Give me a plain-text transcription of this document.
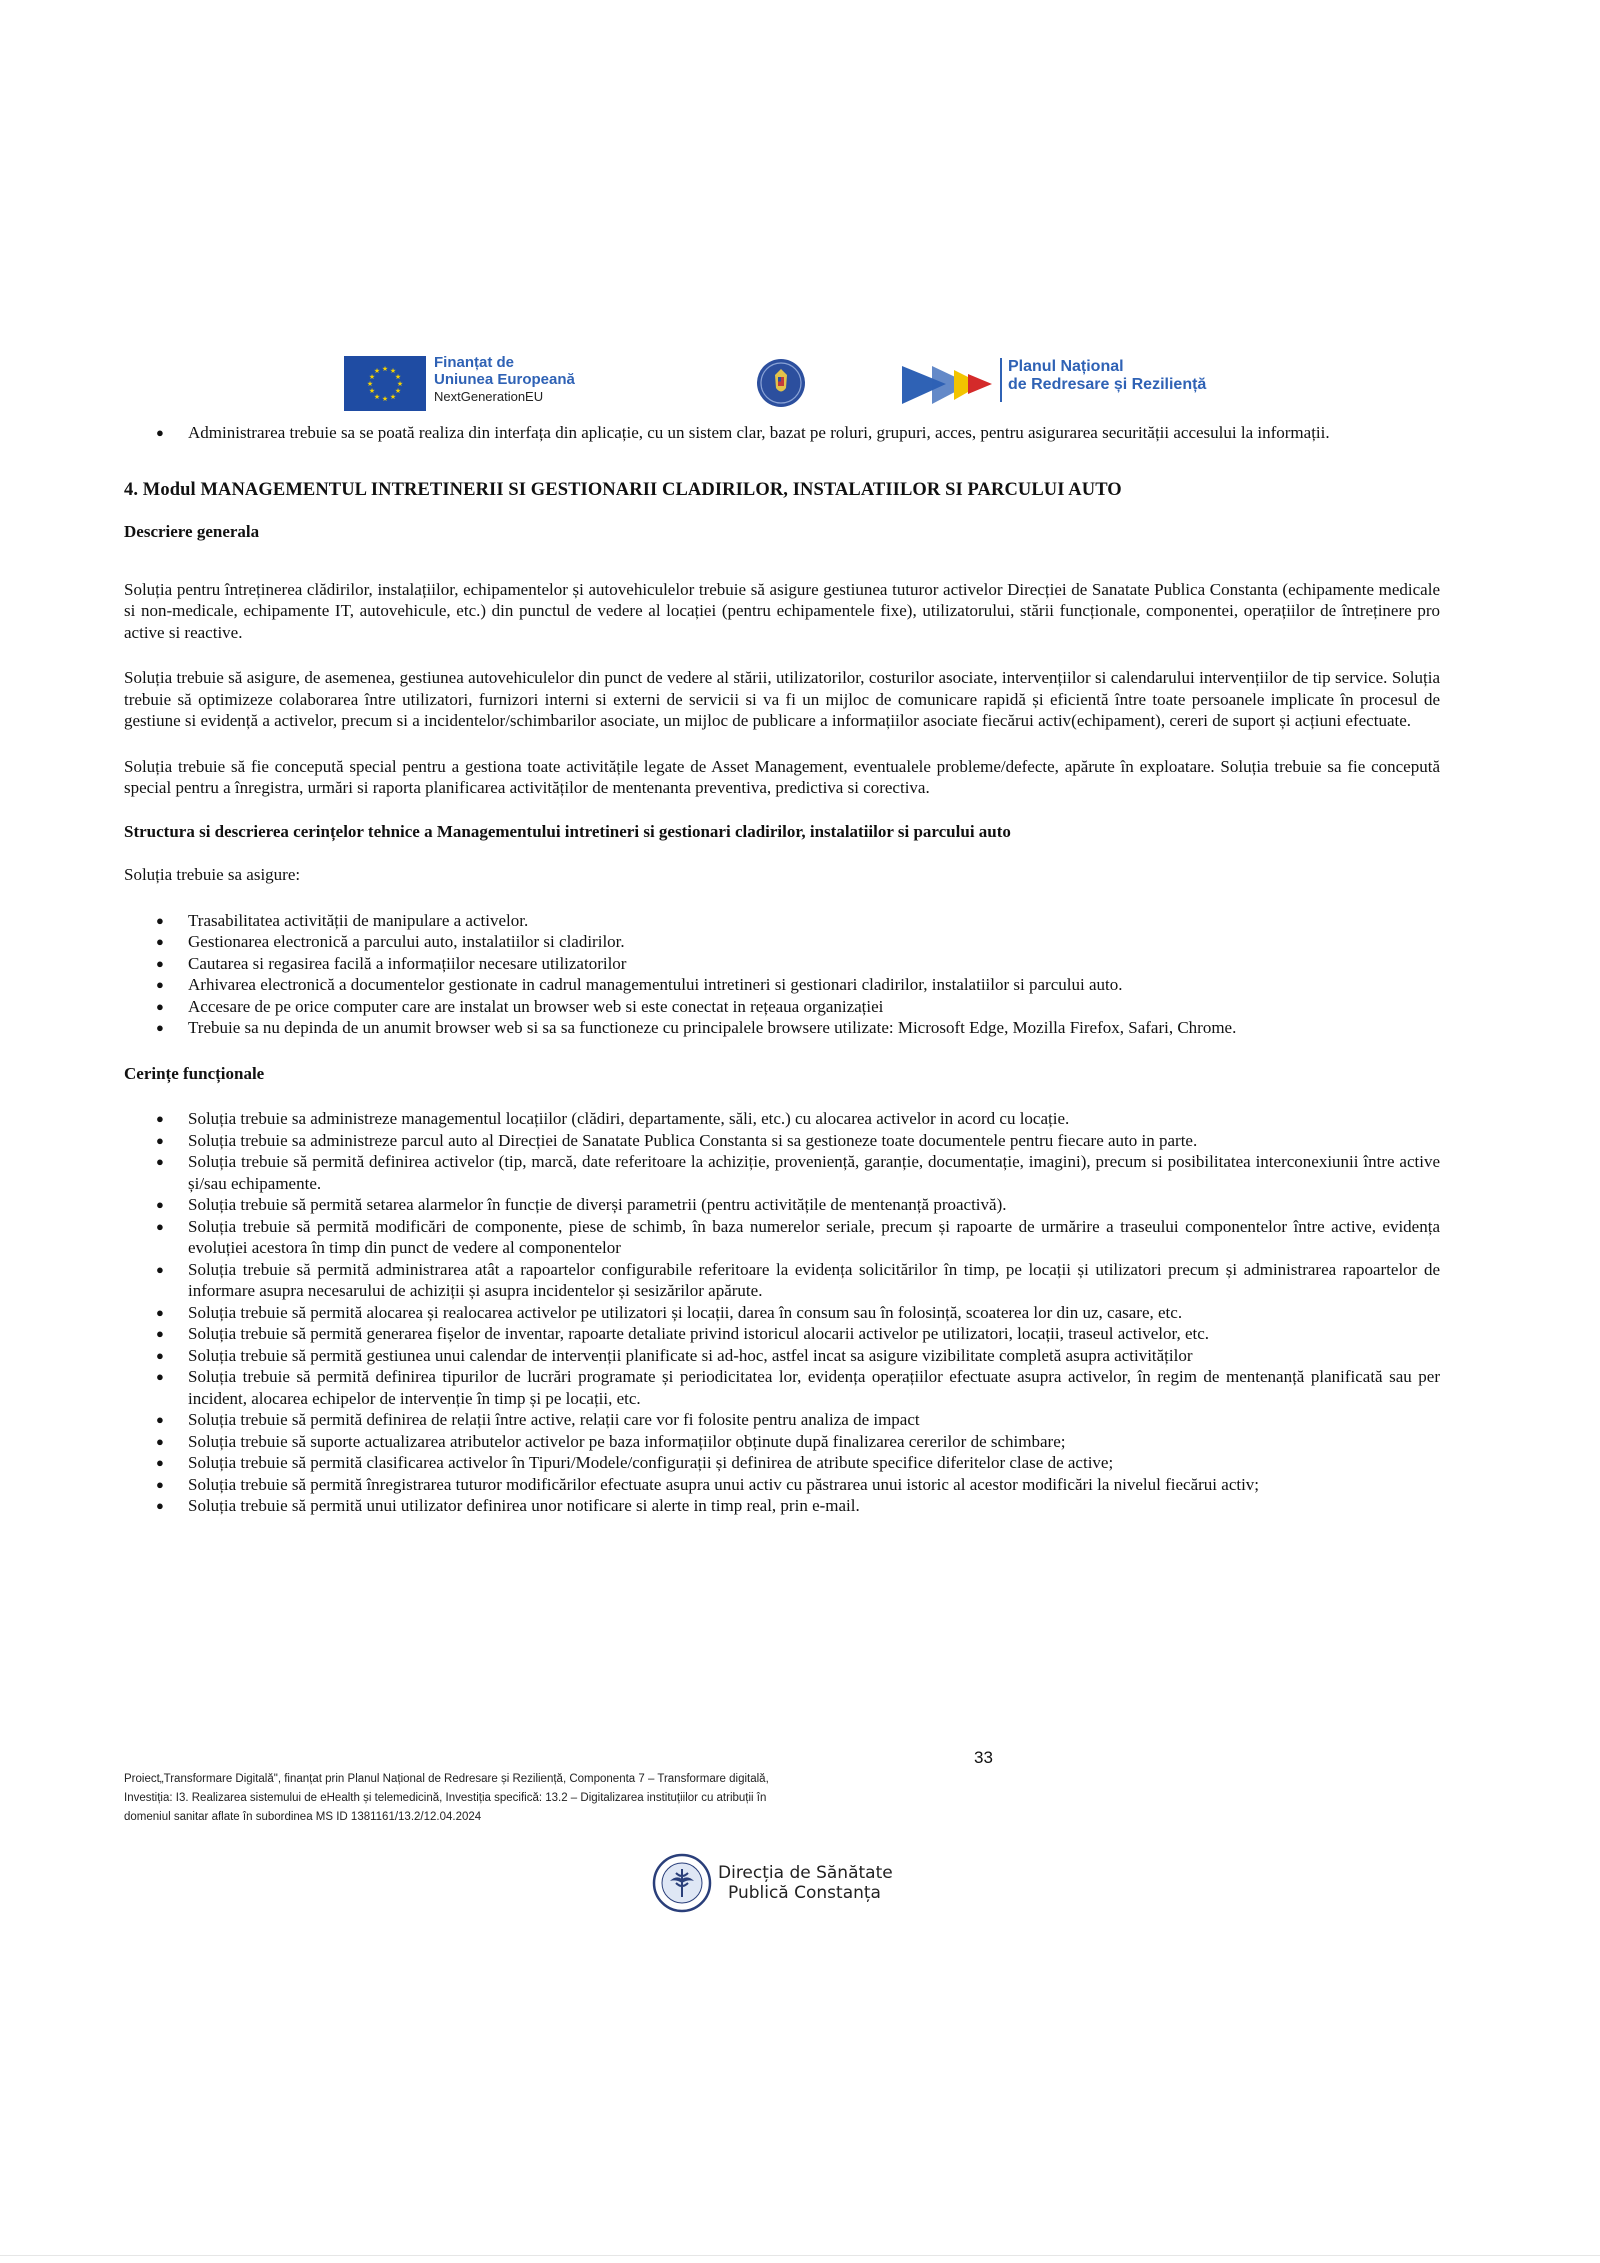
★ ★
★
★
★
★
★
★
★
★
★
★	Finanțat de
Uniunea Europeană
NextGenerationEU
Planul Național
de Redresare și Reziliență
● Administrarea trebuie sa se poată realiza din interfața din aplicație, cu un sistem clar, bazat pe roluri, grupuri, acces, pentru asigurarea securității accesului la informații.

4. Modul MANAGEMENTUL INTRETINERII SI GESTIONARII CLADIRILOR, INSTALATIILOR SI PARCULUI AUTO

Descriere generala

Soluția pentru întreținerea clădirilor, instalațiilor, echipamentelor și autovehiculelor trebuie să asigure gestiunea tuturor activelor Direcției de Sanatate Publica Constanta (echipamente medicale si non-medicale, echipamente IT, autovehicule, etc.) din punctul de vedere al locației (pentru echipamentele fixe), utilizatorului, stării funcționale, componentei, operațiilor de întreținere pro active si reactive.

Soluția trebuie să asigure, de asemenea, gestiunea autovehiculelor din punct de vedere al stării, utilizatorilor, costurilor asociate, intervențiilor si calendarului intervențiilor de tip service. Soluția trebuie să optimizeze colaborarea între utilizatori, furnizori interni si externi de servicii si va fi un mijloc de comunicare rapidă și eficientă între toate persoanele implicate în procesul de gestiune si evidență a activelor, precum si a incidentelor/schimbarilor asociate, un mijloc de publicare a informațiilor asociate fiecărui activ(echipament), cereri de suport și acțiuni efectuate.

Soluția trebuie să fie concepută special pentru a gestiona toate activitățile legate de Asset Management, eventualele probleme/defecte, apărute în exploatare. Soluția trebuie sa fie concepută special pentru a înregistra, urmări si raporta planificarea activităților de mentenanta preventiva, predictiva si corectiva.

Structura si descrierea cerințelor tehnice a Managementului intretineri si gestionari cladirilor, instalatiilor si parcului auto

Soluția trebuie sa asigure:

● Trasabilitatea activității de manipulare a activelor.
● Gestionarea electronică a parcului auto, instalatiilor si cladirilor.
● Cautarea si regasirea facilă a informațiilor necesare utilizatorilor
● Arhivarea electronică a documentelor gestionate in cadrul managementului intretineri si gestionari cladirilor, instalatiilor si parcului auto.
● Accesare de pe orice computer care are instalat un browser web si este conectat in rețeaua organizației
● Trebuie sa nu depinda de un anumit browser web si sa sa functioneze cu principalele browsere utilizate: Microsoft Edge, Mozilla Firefox, Safari, Chrome.

Cerințe funcționale

● Soluția trebuie sa administreze managementul locațiilor (clădiri, departamente, săli, etc.) cu alocarea activelor in acord cu locație.
● Soluția trebuie sa administreze parcul auto al Direcției de Sanatate Publica Constanta si sa gestioneze toate documentele pentru fiecare auto in parte.
● Soluția trebuie să permită definirea activelor (tip, marcă, date referitoare la achiziție, proveniență, garanție, documentație, imagini), precum si posibilitatea interconexiunii între active și/sau echipamente.
● Soluția trebuie să permită setarea alarmelor în funcție de diverși parametrii (pentru activitățile de mentenanță proactivă).
● Soluția trebuie să permită modificări de componente, piese de schimb, în baza numerelor seriale, precum și rapoarte de urmărire a traseului componentelor între active, evidența evoluției acestora în timp din punct de vedere al componentelor
● Soluția trebuie să permită administrarea atât a rapoartelor configurabile referitoare la evidența solicitărilor în timp, pe locații și utilizatori precum și administrarea rapoartelor de informare asupra necesarului de achiziții și asupra incidentelor și sesizărilor apărute.
● Soluția trebuie să permită alocarea și realocarea activelor pe utilizatori și locații, darea în consum sau în folosință, scoaterea lor din uz, casare, etc.
● Soluția trebuie să permită generarea fișelor de inventar, rapoarte detaliate privind istoricul alocarii activelor pe utilizatori, locații, traseul activelor, etc.
● Soluția trebuie să permită gestiunea unui calendar de intervenții planificate si ad-hoc, astfel incat sa asigure vizibilitate completă asupra activităților
● Soluția trebuie să permită definirea tipurilor de lucrări programate și periodicitatea lor, evidența operațiilor efectuate asupra activelor, în regim de mentenanță planificată sau per incident, alocarea echipelor de intervenție în timp și pe locații, etc.
● Soluția trebuie să permită definirea de relații între active, relații care vor fi folosite pentru analiza de impact
● Soluția trebuie să suporte actualizarea atributelor activelor pe baza informațiilor obținute după finalizarea cererilor de schimbare;
● Soluția trebuie să permită clasificarea activelor în Tipuri/Modele/configurații și definirea de atribute specifice diferitelor clase de active;
● Soluția trebuie să permită înregistrarea tuturor modificărilor efectuate asupra unui activ cu păstrarea unui istoric al acestor modificări la nivelul fiecărui activ;
● Soluția trebuie să permită unui utilizator definirea unor notificare si alerte in timp real, prin e-mail.
33
Proiect„Transformare Digitală", finanțat prin Planul Național de Redresare și Reziliență, Componenta 7 – Transformare digitală,
Investiția: I3. Realizarea sistemului de eHealth și telemedicină, Investiția specifică: 13.2 – Digitalizarea instituțiilor cu atribuții în
domeniul sanitar aflate în subordinea MS ID 1381161/13.2/12.04.2024
Direcția de Sănătate
Publică Constanța
